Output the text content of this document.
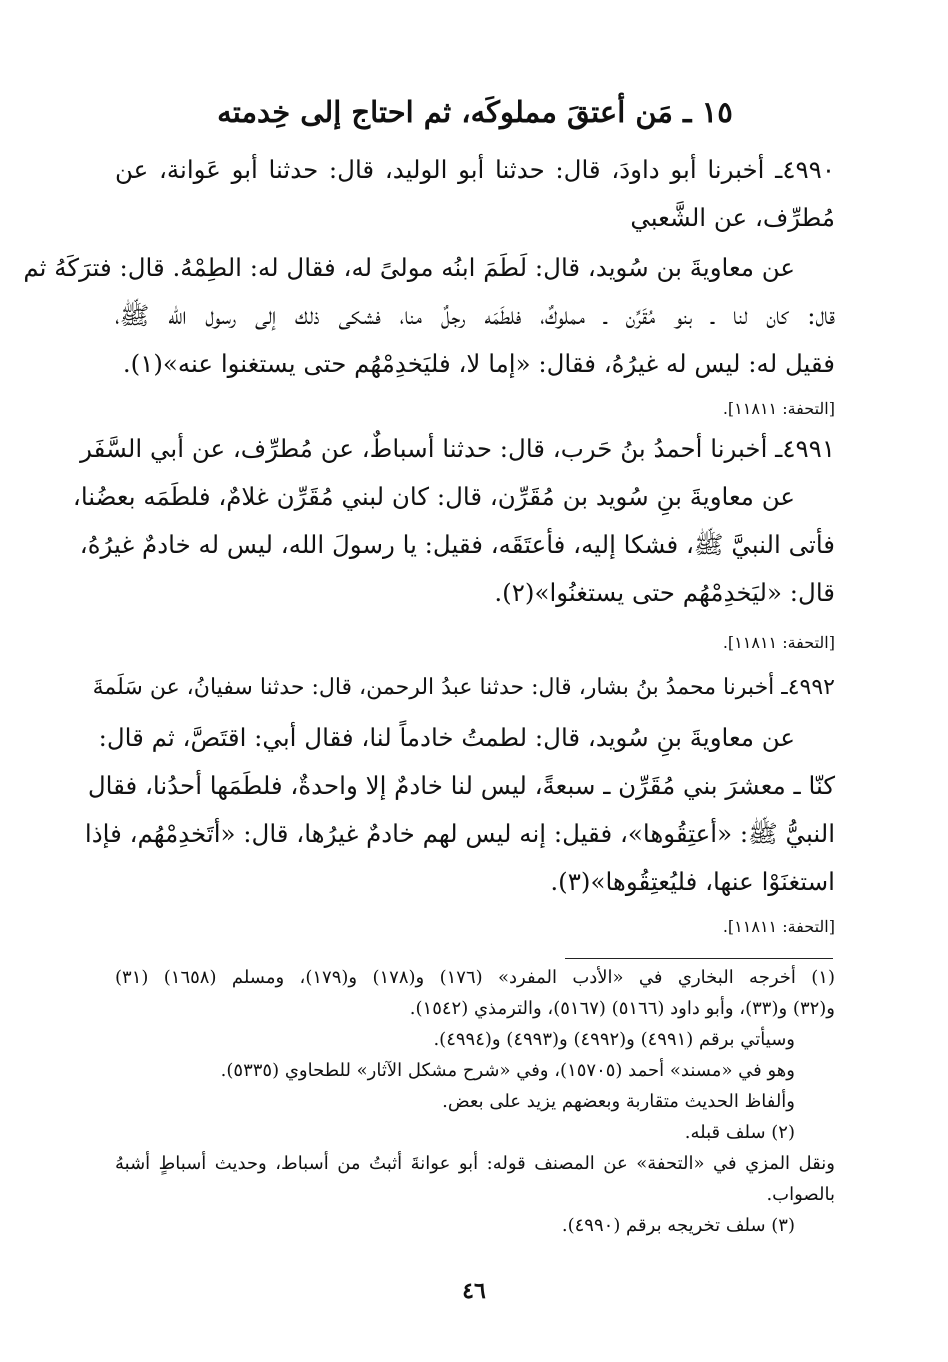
١٥ ـ مَن أعتقَ مملوكَه، ثم احتاج إلى خِدمته
٤٩٩٠ـ أخبرنا أبو داودَ، قال: حدثنا أبو الوليد، قال: حدثنا أبو عَوانة، عن
مُطرِّف، عن الشَّعبي
عن معاويةَ بن سُويد، قال: لَطَمَ ابنُه مولىً له، فقال له: الطِمْهُ. قال: فترَكَهُ ثم
قال: كان لنا ـ بنو مُقَرِّن ـ مملوكٌ، فلطَمَه رجلٌ منا، فشكى ذلك إلى رسول الله ﷺ،
فقيل له: ليس له غيرُهُ، فقال: «إما لا، فليَخدِمْهُم حتى يستغنوا عنه»(١).
[التحفة: ١١٨١١].
٤٩٩١ـ أخبرنا أحمدُ بنُ حَرب، قال: حدثنا أسباطٌ، عن مُطرِّف، عن أبي السَّفَر
عن معاويةَ بنِ سُويد بن مُقَرِّن، قال: كان لبني مُقَرِّن غلامٌ، فلطَمَه بعضُنا،
فأتى النبيَّ ﷺ، فشكا إليه، فأعتَقَه، فقيل: يا رسولَ الله، ليس له خادمٌ غيرُهُ،
قال: «ليَخدِمْهُم حتى يستغنُوا»(٢).
[التحفة: ١١٨١١].
٤٩٩٢ـ أخبرنا محمدُ بنُ بشار، قال: حدثنا عبدُ الرحمن، قال: حدثنا سفيانُ، عن سَلَمةَ
عن معاويةَ بنِ سُويد، قال: لطمتُ خادماً لنا، فقال أبي: اقتَصَّ، ثم قال:
كنّا ـ معشرَ بني مُقَرِّن ـ سبعةً، ليس لنا خادمٌ إلا واحدةٌ، فلطَمَها أحدُنا، فقال
النبيُّ ﷺ: «أعتِقُوها»، فقيل: إنه ليس لهم خادمٌ غيرُها، قال: «أتَخدِمْهُم، فإذا
استغنَوْا عنها، فليُعتِقُوها»(٣).
[التحفة: ١١٨١١].
(١) أخرجه البخاري في «الأدب المفرد» (١٧٦) و(١٧٨) و(١٧٩)، ومسلم (١٦٥٨) (٣١)
و(٣٢) و(٣٣)، وأبو داود (٥١٦٦) (٥١٦٧)، والترمذي (١٥٤٢).
وسيأتي برقم (٤٩٩١) و(٤٩٩٢) و(٤٩٩٣) و(٤٩٩٤).
وهو في «مسند» أحمد (١٥٧٠٥)، وفي «شرح مشكل الآثار» للطحاوي (٥٣٣٥).
وألفاظ الحديث متقاربة وبعضهم يزيد على بعض.
(٢) سلف قبله.
ونقل المزي في «التحفة» عن المصنف قوله: أبو عوانةَ أثبتُ من أسباط، وحديث أسباطٍ أشبهُ
بالصواب.
(٣) سلف تخريجه برقم (٤٩٩٠).
٤٦
